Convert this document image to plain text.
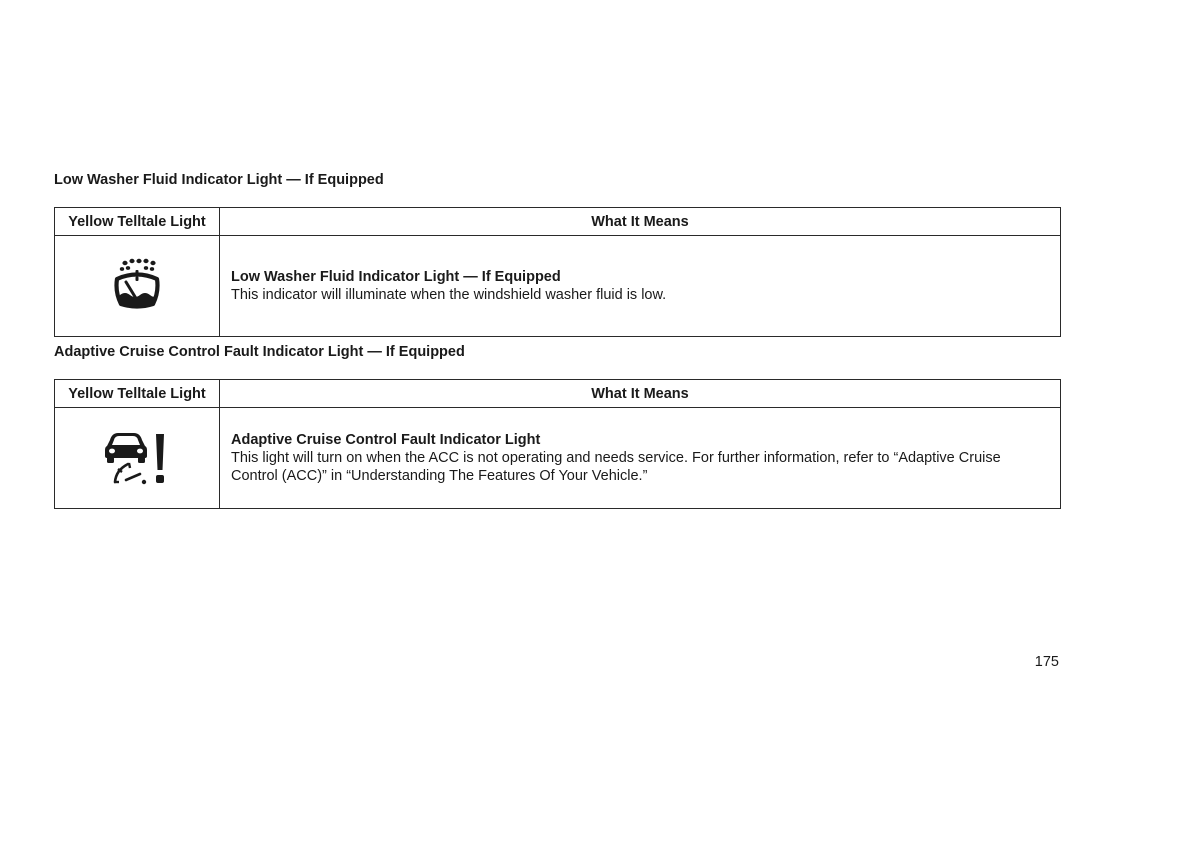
Low Washer Fluid Indicator Light — If Equipped
Yellow Telltale Light	What It Means

Low Washer Fluid Indicator Light — If Equipped
This indicator will illuminate when the windshield washer fluid is low.
Adaptive Cruise Control Fault Indicator Light — If Equipped
Yellow Telltale Light	What It Means

Adaptive Cruise Control Fault Indicator Light
This light will turn on when the ACC is not operating and needs service. For further information, refer to “Adaptive Cruise Control (ACC)” in “Understanding The Features Of Your Vehicle.”
175
